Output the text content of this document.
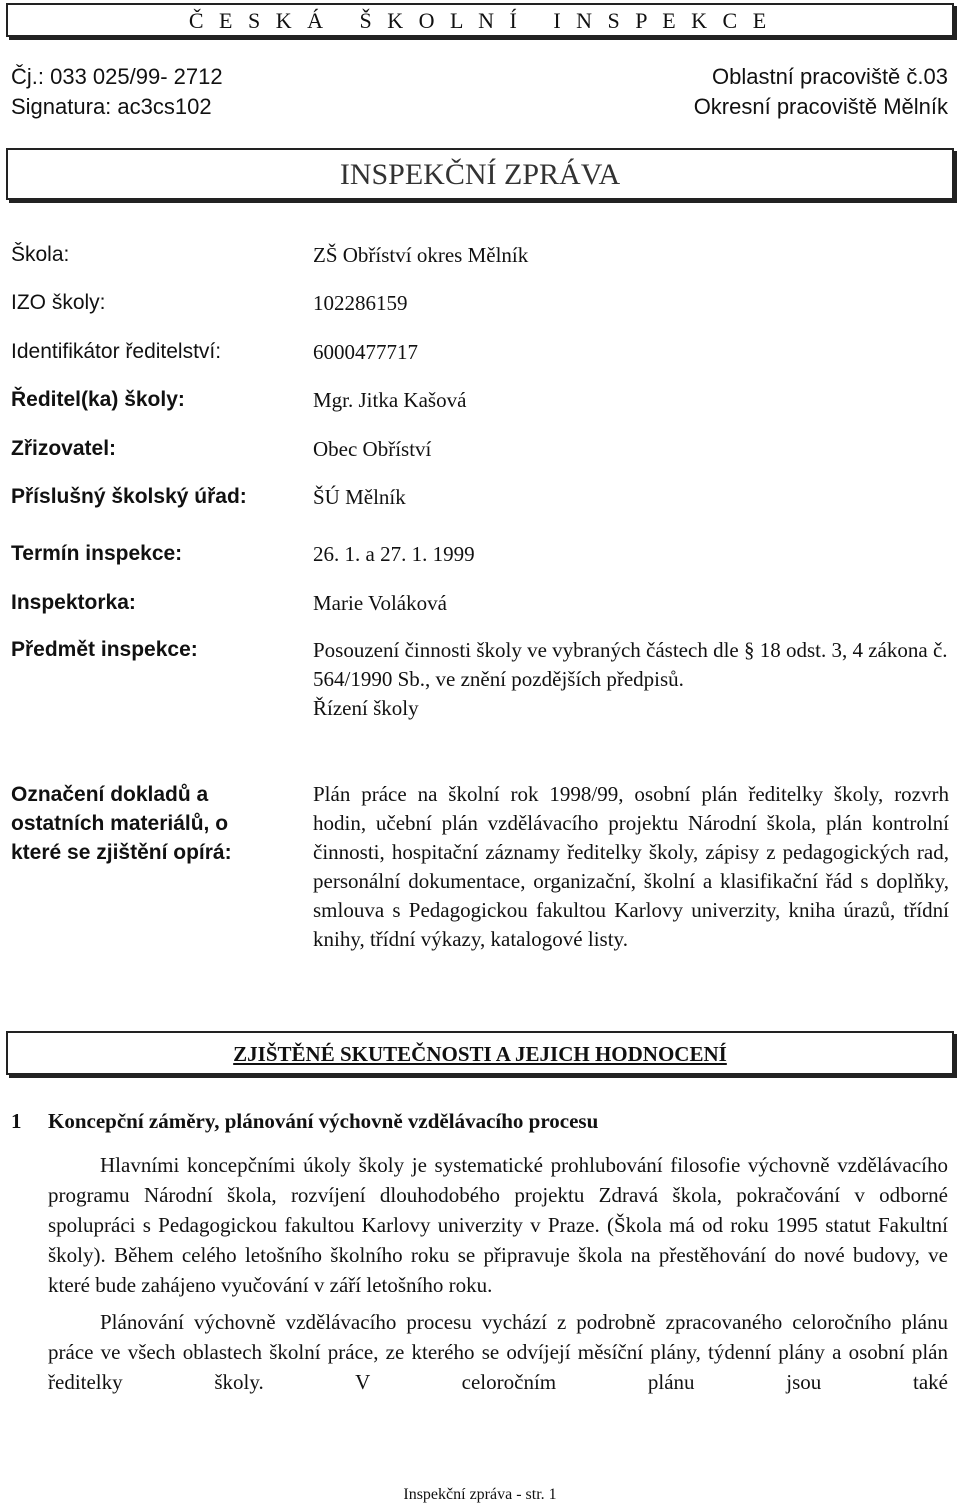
Č E S K Á   Š K O L N Í   I N S P E K C E
Čj.: 033 025/99- 2712
Signatura: ac3cs102
Oblastní pracoviště č.03
Okresní pracoviště Mělník
INSPEKČNÍ ZPRÁVA
Škola:	ZŠ Obříství okres Mělník
IZO školy:	102286159
Identifikátor ředitelství:	6000477717
Ředitel(ka) školy:	Mgr. Jitka Kašová
Zřizovatel:	Obec Obříství
Příslušný školský úřad:	ŠÚ Mělník
Termín inspekce:	26. 1. a 27. 1. 1999
Inspektorka:	Marie Voláková
Předmět inspekce:	Posouzení činnosti školy ve vybraných částech dle § 18 odst. 3, 4 zákona č. 564/1990 Sb., ve znění pozdějších předpisů.
Řízení školy
Označení dokladů a ostatních materiálů, o které se zjištění opírá:
Plán práce na školní rok 1998/99, osobní plán ředitelky školy, rozvrh hodin, učební plán vzdělávacího projektu Národní škola, plán kontrolní činnosti, hospitační záznamy ředitelky školy, zápisy z pedagogických rad, personální dokumentace, organizační, školní a klasifikační řád s doplňky, smlouva s Pedagogickou fakultou Karlovy univerzity, kniha úrazů, třídní knihy, třídní výkazy, katalogové listy.
ZJIŠTĚNÉ SKUTEČNOSTI A JEJICH HODNOCENÍ
1 Koncepční záměry, plánování výchovně vzdělávacího procesu

Hlavními koncepčními úkoly školy je systematické prohlubování filosofie výchovně vzdělávacího programu Národní škola, rozvíjení dlouhodobého projektu Zdravá škola, pokračování v odborné spolupráci s Pedagogickou fakultou Karlovy univerzity v Praze. (Škola má od roku 1995 statut Fakultní školy). Během celého letošního školního roku se připravuje škola na přestěhování do nové budovy, ve které bude zahájeno vyučování v září letošního roku.

Plánování výchovně vzdělávacího procesu vychází z podrobně zpracovaného celoročního plánu práce ve všech oblastech školní práce, ze kterého se odvíjejí měsíční plány, týdenní plány a osobní plán ředitelky školy. V celoročním plánu jsou také

Inspekční zpráva - str. 1
